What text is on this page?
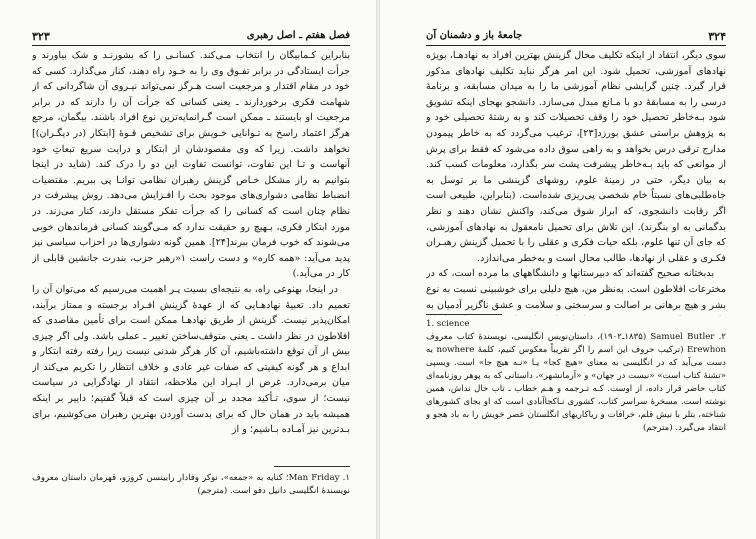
فصل هفتم ـ اصل رهبری
۳۲۳

بنابراین کـمابیگان را انتخاب مـی‌کند. کسانـی را که بشورنـد و شک بیاورند و جرأت ایستادگی در برابر تفـوق وی را به خـود راه دهند، کنار می‌گذارد. کسی که خود در مقام اقتدار و مرجعیت است هـرگز نمی‌تواند نیـروی آن شاگردانی که از شهامت فکری برخوردارند ـ یعنی کسانی که جرأت آن را دارند که در برابر مرجعیت او بایستند ـ ممکن است گـرانمایه‌ترین نوع افراد باشند. بیگمان، مرجع هرگز اعتماد راسخ به تـوانایی خـویش برای تشخیص قـوهٔ [ابتکار (در دیگـران)] نخواهد داشت. زیرا که وی مقصودشان از ابتکار و درایت سریع تبعاتِ خود آنهاست و تـا این تفاوت، توانست تفاوت این دو را درک کند. (شاید در اینجا بتوانیم به راز مشکل خـاص گزینش رهبران نظامی توانـا پی ببریم. مقتضیات انضباط نظامی دشواری‌های موجود بحث را افـزایش می‌دهد. روش پیشرفت در نظام چنان است که کسانی را که جرأت تفکر مستقل دارند، کنار می‌زند. در مورد ابتکار فکری، بـهیچ رو حقیقت ندارد که مـی‌گویند کسانی فرماندهان خوبی می‌شوند که خوب فرمان ببرند[۲۴]. همین گونه دشواری‌ها در احزاب سیاسی نیز پدید می‌آید: «همه کاره» و دست راست ۱«رهبر حزب، بندرت جانشین قابلی از کار در می‌آید.)

در اینجا، بهنوعی راه، به نتیجه‌ای بسیت پـر اهمیت می‌رسیم که می‌توان آن را تعمیم داد. تعبیهٔ نهادهـایی که از عهدهٔ گزینش افـراد برجسته و ممتاز برآیند، امکان‌پذیر نیست. گزینش از طریق نهادهـا ممکن است برای تأمین مقاصدی که افلاطون در نظر داشت ـ یعنی متوقف‌ساختن تغییر ـ عملی باشد. ولی اگر چیزی بیش از آن توقع داشته‌باشیم، آن کار هرگز شدنی نیست زیرا رفته رفته ابتکار و ابداع و هر گونه کیفیتی که صفات غیر عادی و خلاف انتظار را تکریم می‌کند از میان برمی‌دارد. غرض از ایـراد این ملاحظه، انتقاد از نهادگرایی در سیاست نیست؛ از سوی، تـأکید مجدد بر آن چیزی است که قبلاً گفتیم؛ داییر بر اینکه همیشه باید در همان حال که برای بدست آوردن بهترین رهبران می‌کوشیم، برای بـدترین نیز آمـاده بـاشیم؛ و از

۱. Man Friday؛ کنایه به «جمعه»، نوکر وفادار رابینسن کروزو، قهرمان داستان معروف نویسندهٔ انگلیسی دانیل دفو است. (مترجم)

جامعهٔ باز و دشمنان آن	۳۲۴

سوی دیگر، انتقاد از اینکه تکلیف محال گزینش بهترین افراد به نهادهـا، بویژه نهادهای آموزشی، تحمیل شود. این امر هرگز نباید تکلیف نهادهای مذکور قرار گیرد. چنین گرایشی نظام آموزشی ما را به میدان مسابقه، و برنامهٔ درسی را به مسابقهٔ دو با مـانع مبدل می‌سازد. دانشجو بهجای اینکه تشویق شود بـه‌خاطر تحصیل خود را وقف تحصیلات کند و به رشتهٔ تحصیلی خود و به پژوهش براستی عشق بورزد[۲۳]، ترغیب می‌گردد که به خاطر پیمودن مدارج ترقی درس بخواهد و به راهی سوق داده می‌شود که فقط برای پرش از موانعی که باید بـه‌خاطر پیشرفت پشت سر بگذارد، معلومات کسب کند. به بیان دیگر، حتی در زمینهٔ علوم، روشهای گزینشی ما بر توسل به جاه‌طلبی‌های نسبتاً خام شخصی پی‌ریزی شده‌است. (بنابراین، طبیعی است اگر رقابت دانشجوی، که ابراز شوق می‌کند، واکنش نشان دهند و نظر بدگمانی به او بنگرند). این تلاش برای تحمیل نامعقول به نهادهای آموزشی، که جای آن تنها علوم، بلکه حیات فکری و عقلی را با تحمیل گزینش رهبـران فکـری و عقلی از نهادها، طالب محال است و به‌خطر می‌اندازد.

بدبختانه صحیح گفته‌اند که دبیرستانها و دانشگاههای ما مرده است، که در مخترعات افلاطون است. به‌نظر من، هیچ دلیلی برای خوشبینی نسبت به نوع بشر و هیچ برهانی بر اصالت و سرسختی و سلامت و عشق ناگزیر آدمیان به

1. science

۲. Samuel Butler (۱۸۳۵ـ۱۹۰۲)، داستان‌نویس انگلیسی، نویسندهٔ کتاب معروف Erewhon (ترکیب حروف این اسم را اگر تقریباً معکوس کنیم، کلمهٔ nowhere به دست می‌آید که در انگلیسی به معنای «هیچ کجا» یـا «نـه هیچ جا» است. ویسپی «تشنهٔ کتاب است» «نیست در جهان» و «آرمانشهر»، داستانی که به پوهر روزنامه‌ای کتاب حاضر قرار داده، از اوست. کـه تـرجمه و هـم خطاب ـ تاب حال نداش، همین نوشته است. مسخرهٔ سراسر کتاب، کشوری نـاکجاآبادی است که او بجای کشورهای شناخته، بتلر با نیش قلم، خرافات و ریاکاریهای انگلستان عصر خویش را به باد هجو و انتقاد می‌گیرد. (مترجم)
